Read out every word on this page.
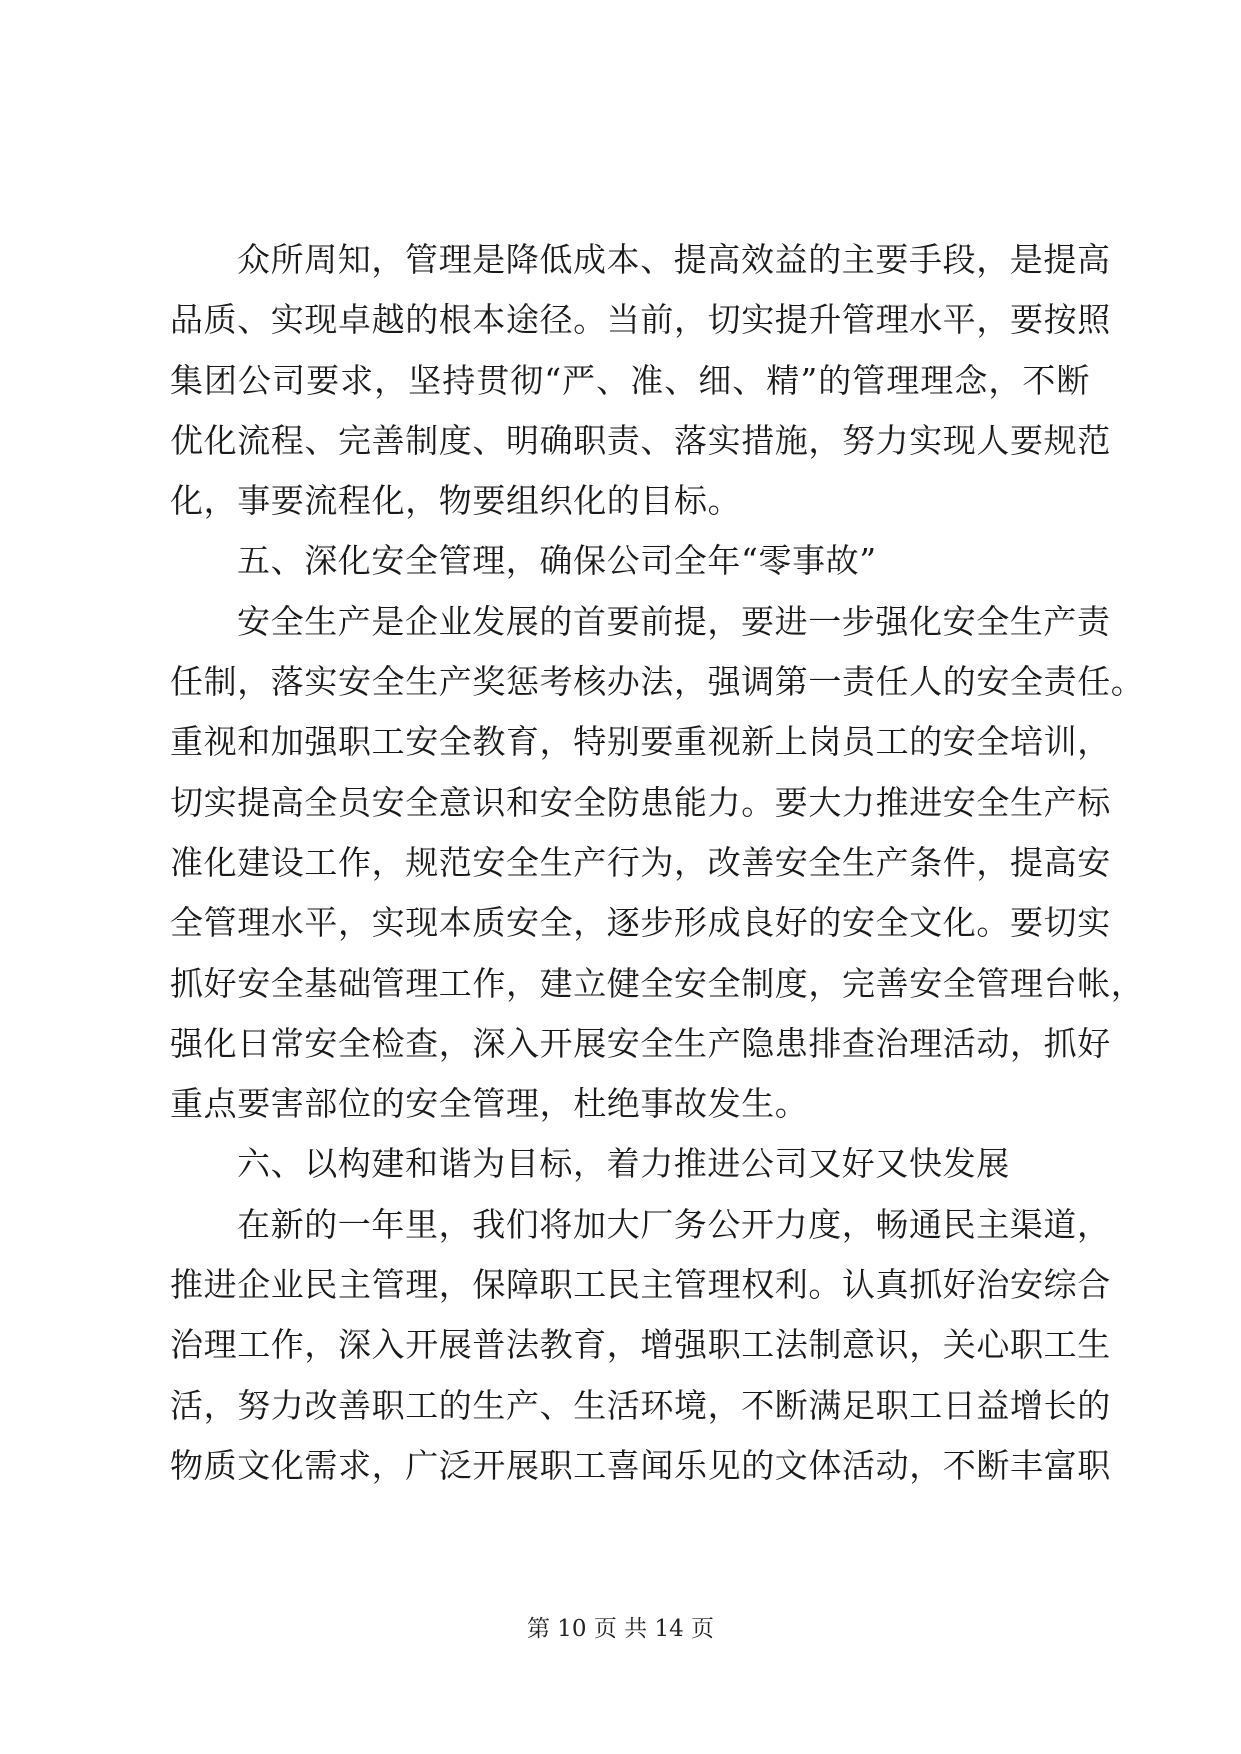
众所周知，管理是降低成本、提高效益的主要手段，是提高
品质、实现卓越的根本途径。当前，切实提升管理水平，要按照
集团公司要求，坚持贯彻“严、准、细、精”的管理理念，不断
优化流程、完善制度、明确职责、落实措施，努力实现人要规范
化，事要流程化，物要组织化的目标。
五、深化安全管理，确保公司全年“零事故”
安全生产是企业发展的首要前提，要进一步强化安全生产责
任制，落实安全生产奖惩考核办法，强调第一责任人的安全责任。
重视和加强职工安全教育，特别要重视新上岗员工的安全培训，
切实提高全员安全意识和安全防患能力。要大力推进安全生产标
准化建设工作，规范安全生产行为，改善安全生产条件，提高安
全管理水平，实现本质安全，逐步形成良好的安全文化。要切实
抓好安全基础管理工作，建立健全安全制度，完善安全管理台帐，
强化日常安全检查，深入开展安全生产隐患排查治理活动，抓好
重点要害部位的安全管理，杜绝事故发生。
六、以构建和谐为目标，着力推进公司又好又快发展
在新的一年里，我们将加大厂务公开力度，畅通民主渠道，
推进企业民主管理，保障职工民主管理权利。认真抓好治安综合
治理工作，深入开展普法教育，增强职工法制意识，关心职工生
活，努力改善职工的生产、生活环境，不断满足职工日益增长的
物质文化需求，广泛开展职工喜闻乐见的文体活动，不断丰富职
第 10 页 共 14 页
